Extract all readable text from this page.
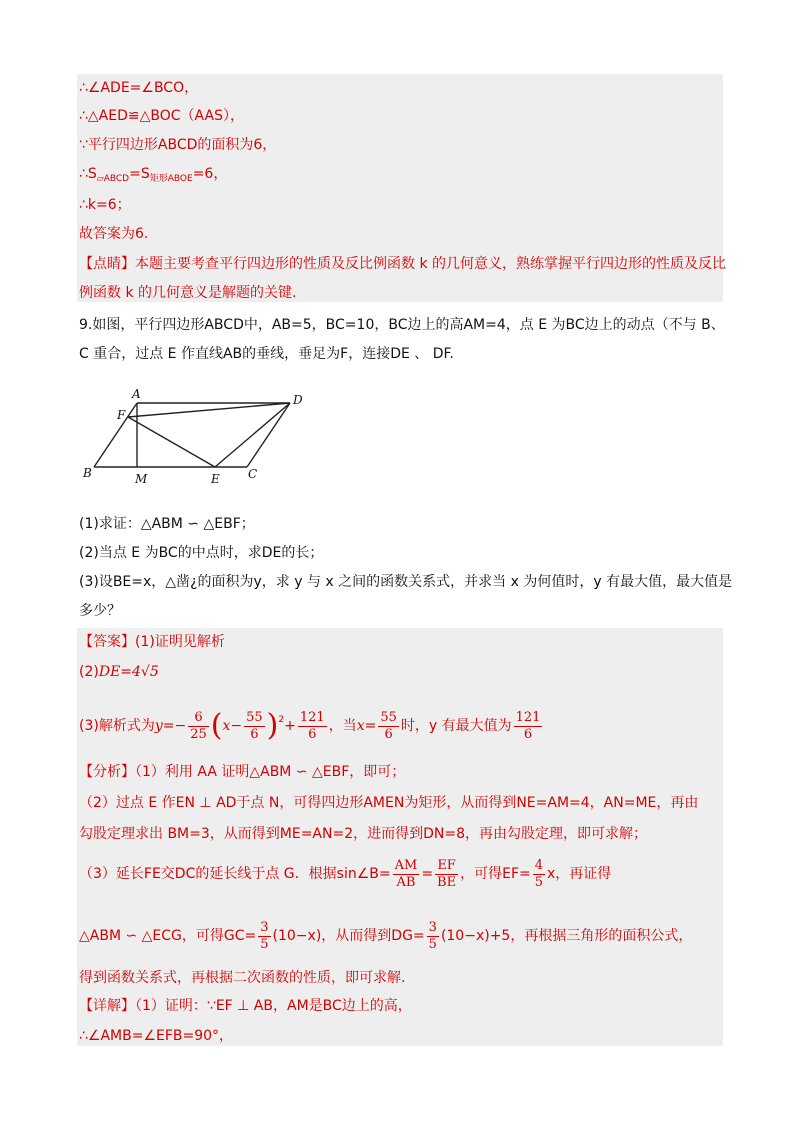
∴∠ADE=∠BCO，
∴△AED≌△BOC（AAS），
∵平行四边形ABCD的面积为6，
$\therefore S_{▱ABCD}=S_{矩形ABOE}=6$，
∴k=6；
故答案为6.
【点睛】本题主要考查平行四边形的性质及反比例函数 k 的几何意义，熟练掌握平行四边形的性质及反比
例函数 k 的几何意义是解题的关键.
9.如图，平行四边形ABCD中，AB=5，BC=10，BC边上的高AM=4，点 E 为BC边上的动点（不与 B、
C 重合，过点 E 作直线AB的垂线，垂足为F，连接DE 、 DF.
A	D
F
B	M	E C
(1)求证：△ABM ∽ △EBF；
(2)当点 E 为BC的中点时，求DE的长；
(3)设BE=x，△凿¿的面积为y，求 y 与 x 之间的函数关系式，并求当 x 为何值时，y 有最大值，最大值是
多少？
【答案】(1)证明见解析
(2)DE=4√5
(3)解析式为$y=- \frac{6}{25} (x- \frac{55}{6} )^2+ \frac{121}{6}$ ，当$x= \frac{55}{6}$ 时，y 有最大值为 $\frac{121}{6}$
【分析】（1）利用 AA 证明△ABM ∽ △EBF，即可；
（2）过点 E 作EN ⊥ AD于点 N，可得四边形AMEN为矩形，从而得到NE=AM=4，AN=ME，再由
勾股定理求出 BM=3，从而得到ME=AN=2，进而得到DN=8，再由勾股定理，即可求解；
（3）延长FE交DC的延长线于点 G．根据sin∠B= $\frac{AM}{AB} = \frac{EF}{BE}$ ，可得$EF= \frac{4}{5}$ x，再证得
△ABM ∽ △ECG，可得$GC= \frac{3}{5} (10-x)$，从而得到$DG= \frac{3}{5} (10-x)+5$，再根据三角形的面积公式，
得到函数关系式，再根据二次函数的性质，即可求解.
【详解】（1）证明：∵EF ⊥ AB，AM是BC边上的高，
∴∠AMB=∠EFB=90°，
